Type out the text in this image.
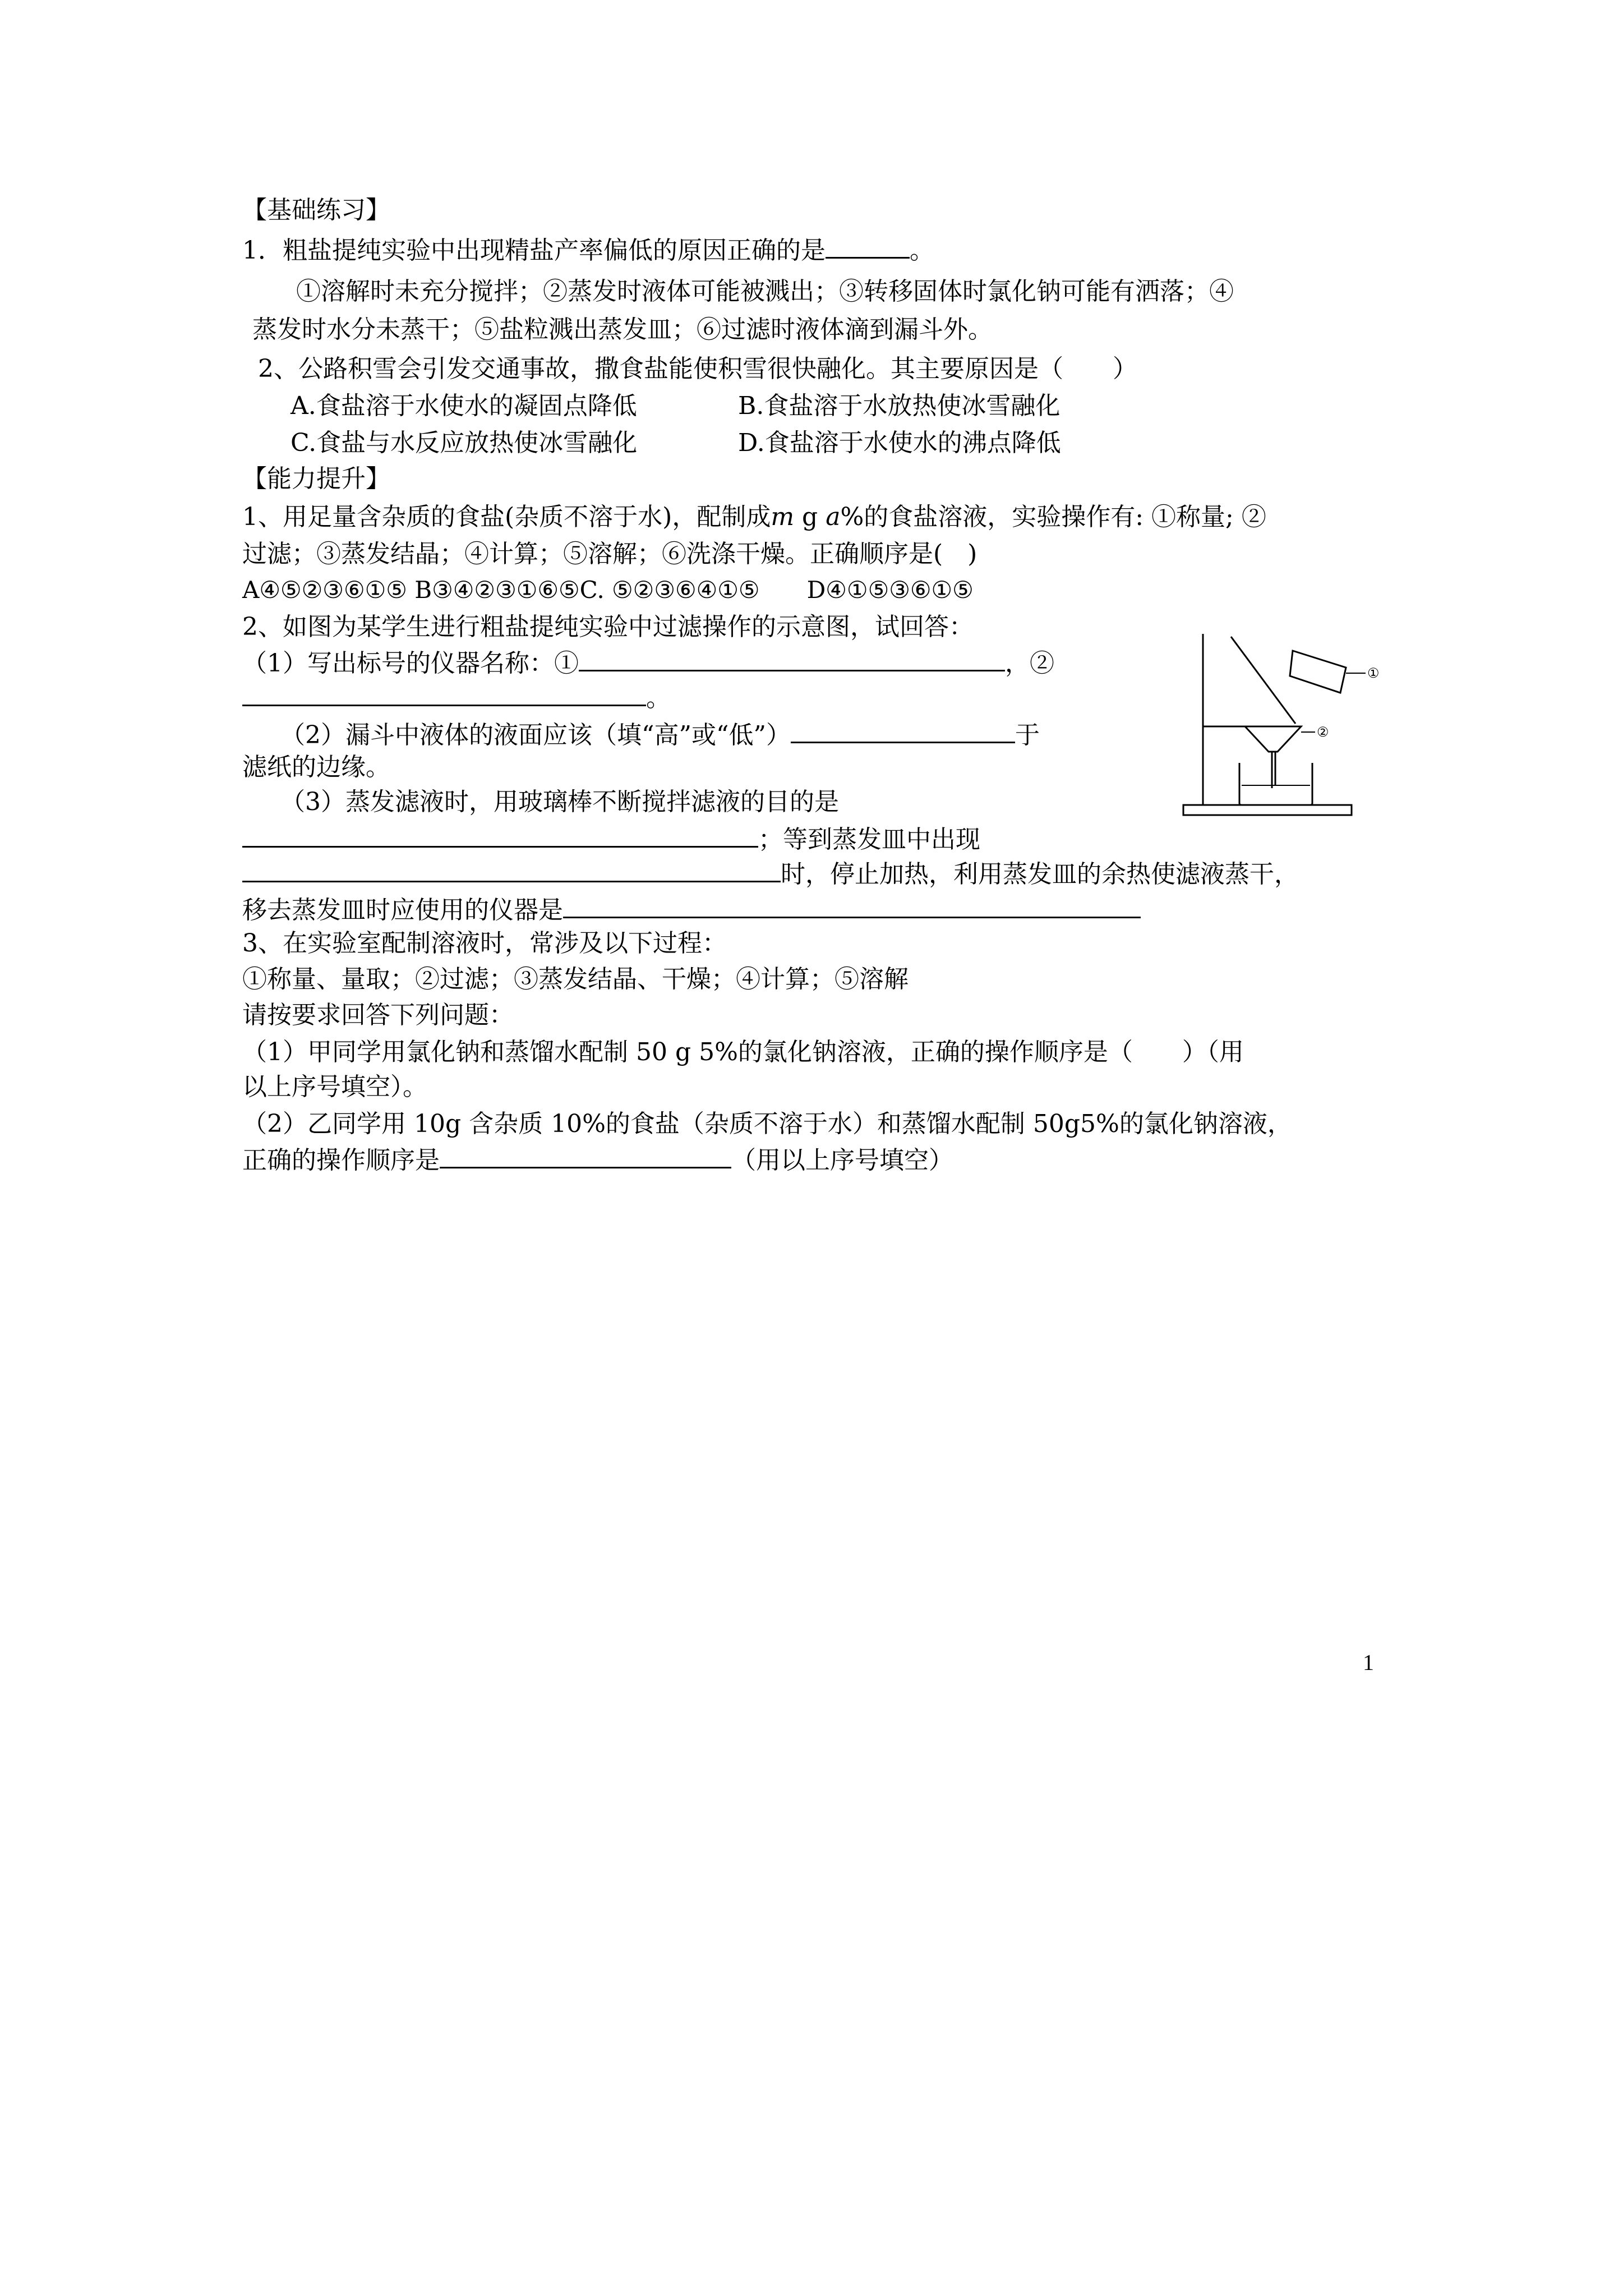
【基础练习】
1．粗盐提纯实验中出现精盐产率偏低的原因正确的是	。
①溶解时未充分搅拌；②蒸发时液体可能被溅出；③转移固体时氯化钠可能有洒落；④
蒸发时水分未蒸干；⑤盐粒溅出蒸发皿；⑥过滤时液体滴到漏斗外。
2、公路积雪会引发交通事故，撒食盐能使积雪很快融化。其主要原因是（　　）
A.食盐溶于水使水的凝固点降低	B.食盐溶于水放热使冰雪融化
C.食盐与水反应放热使冰雪融化	D.食盐溶于水使水的沸点降低
【能力提升】
1、用足量含杂质的食盐(杂质不溶于水)，配制成m g a%的食盐溶液，实验操作有: ①称量; ②
过滤；③蒸发结晶；④计算；⑤溶解；⑥洗涤干燥。正确顺序是(　)
A④⑤②③⑥①⑤ B③④②③①⑥⑤C. ⑤②③⑥④①⑤　　D④①⑤③⑥①⑤
2、如图为某学生进行粗盐提纯实验中过滤操作的示意图，试回答：
（1）写出标号的仪器名称：①	，②
。
（2）漏斗中液体的液面应该（填“高”或“低”）	于
滤纸的边缘。
（3）蒸发滤液时，用玻璃棒不断搅拌滤液的目的是
；等到蒸发皿中出现
时，停止加热，利用蒸发皿的余热使滤液蒸干，
移去蒸发皿时应使用的仪器是
3、在实验室配制溶液时，常涉及以下过程：
①称量、量取；②过滤；③蒸发结晶、干燥；④计算；⑤溶解
请按要求回答下列问题：
（1）甲同学用氯化钠和蒸馏水配制 50 g 5%的氯化钠溶液，正确的操作顺序是（　　）（用
以上序号填空）。
（2）乙同学用 10g 含杂质 10%的食盐（杂质不溶于水）和蒸馏水配制 50g5%的氯化钠溶液，
正确的操作顺序是	（用以上序号填空）
①
②
1
